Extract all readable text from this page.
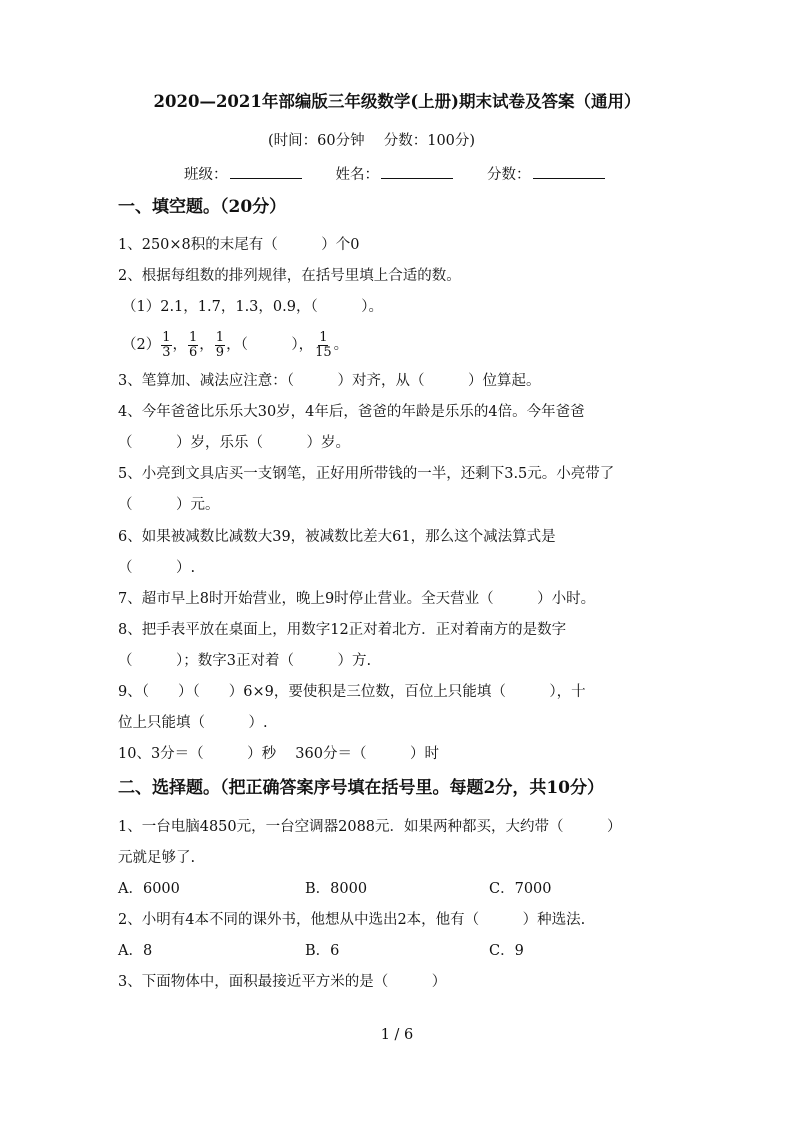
2020—2021年部编版三年级数学(上册)期末试卷及答案（通用）
(时间：60分钟　 分数：100分)
班级：	姓名：	分数：
一、填空题。（20分）
1、250×8积的末尾有（　　　）个0
2、根据每组数的排列规律，在括号里填上合适的数。
（1）2.1，1.7，1.3，0.9，（　　　）。
$(2) \frac{1}{3}$ ， $\frac{1}{6}$ ， $\frac{1}{9}$ ，（　　　）， $\frac{1}{15}$ 。
3、笔算加、减法应注意：（　　　）对齐，从（　　　）位算起。
4、今年爸爸比乐乐大30岁，4年后，爸爸的年龄是乐乐的4倍。今年爸爸
（　　　）岁，乐乐（　　　）岁。
5、小亮到文具店买一支钢笔，正好用所带钱的一半，还剩下3.5元。小亮带了
（　　　）元。
6、如果被减数比减数大39，被减数比差大61，那么这个减法算式是
（　　　）.
7、超市早上8时开始营业，晚上9时停止营业。全天营业（　　　）小时。
8、把手表平放在桌面上，用数字12正对着北方．正对着南方的是数字
（　　　）；数字3正对着（　　　）方.
9、（　　）（　　）6×9，要使积是三位数，百位上只能填（　　　），十
位上只能填（　　　）.
10、3分＝（　　　）秒　 360分＝（　　　）时
二、选择题。（把正确答案序号填在括号里。每题2分，共10分）
1、一台电脑4850元，一台空调器2088元．如果两种都买，大约带（　　　）
元就足够了.
A．6000	B．8000	C．7000
2、小明有4本不同的课外书，他想从中选出2本，他有（　　　）种选法.
A．8	B．6	C．9
3、下面物体中，面积最接近平方米的是（　　　）
1 / 6
